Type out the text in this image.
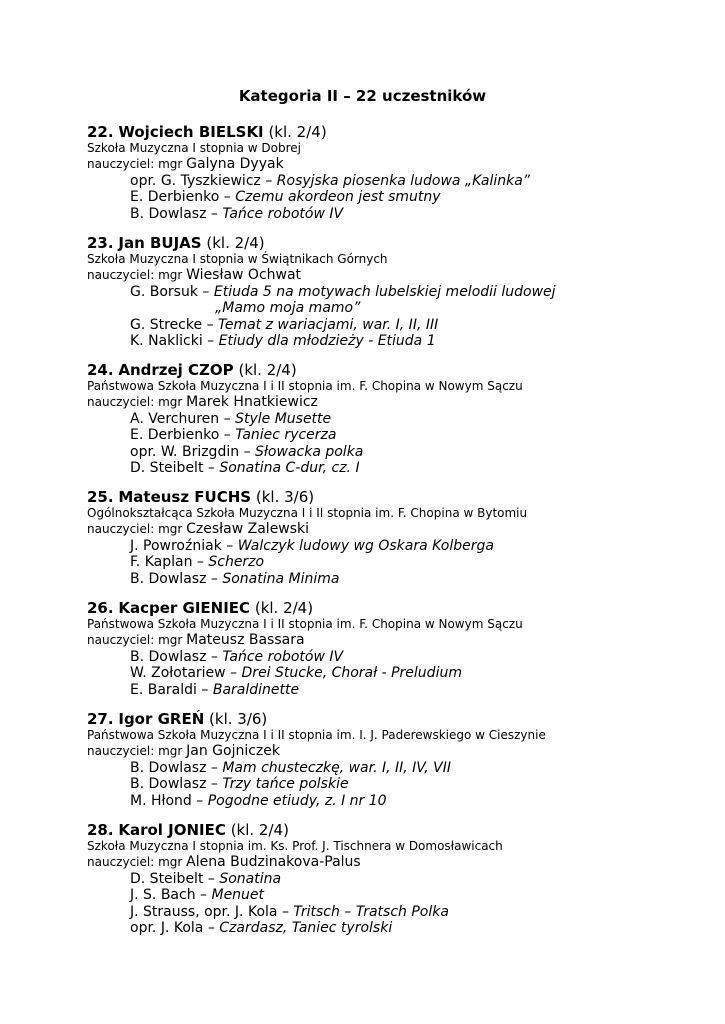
Kategoria II – 22 uczestników
22. Wojciech BIELSKI (kl. 2/4)
Szkoła Muzyczna I stopnia w Dobrej
nauczyciel: mgr Galyna Dyyak
opr. G. Tyszkiewicz – Rosyjska piosenka ludowa „Kalinka”
E. Derbienko – Czemu akordeon jest smutny
B. Dowlasz – Tańce robotów IV
23. Jan BUJAS (kl. 2/4)
Szkoła Muzyczna I stopnia w Świątnikach Górnych
nauczyciel: mgr Wiesław Ochwat
G. Borsuk – Etiuda 5 na motywach lubelskiej melodii ludowej
„Mamo moja mamo”
G. Strecke – Temat z wariacjami, war. I, II, III
K. Naklicki – Etiudy dla młodzieży - Etiuda 1
24. Andrzej CZOP (kl. 2/4)
Państwowa Szkoła Muzyczna I i II stopnia im. F. Chopina w Nowym Sączu
nauczyciel: mgr Marek Hnatkiewicz
A. Verchuren – Style Musette
E. Derbienko – Taniec rycerza
opr. W. Brizgdin – Słowacka polka
D. Steibelt – Sonatina C-dur, cz. I
25. Mateusz FUCHS (kl. 3/6)
Ogólnokształcąca Szkoła Muzyczna I i II stopnia im. F. Chopina w Bytomiu
nauczyciel: mgr Czesław Zalewski
J. Powroźniak – Walczyk ludowy wg Oskara Kolberga
F. Kaplan – Scherzo
B. Dowlasz – Sonatina Minima
26. Kacper GIENIEC (kl. 2/4)
Państwowa Szkoła Muzyczna I i II stopnia im. F. Chopina w Nowym Sączu
nauczyciel: mgr Mateusz Bassara
B. Dowlasz – Tańce robotów IV
W. Zołotariew – Drei Stucke, Chorał - Preludium
E. Baraldi – Baraldinette
27. Igor GREŃ (kl. 3/6)
Państwowa Szkoła Muzyczna I i II stopnia im. I. J. Paderewskiego w Cieszynie
nauczyciel: mgr Jan Gojniczek
B. Dowlasz – Mam chusteczkę, war. I, II, IV, VII
B. Dowlasz – Trzy tańce polskie
M. Hłond – Pogodne etiudy, z. I nr 10
28. Karol JONIEC (kl. 2/4)
Szkoła Muzyczna I stopnia im. Ks. Prof. J. Tischnera w Domosławicach
nauczyciel: mgr Alena Budzinakova-Palus
D. Steibelt – Sonatina
J. S. Bach – Menuet
J. Strauss, opr. J. Kola – Tritsch – Tratsch Polka
opr. J. Kola – Czardasz, Taniec tyrolski
